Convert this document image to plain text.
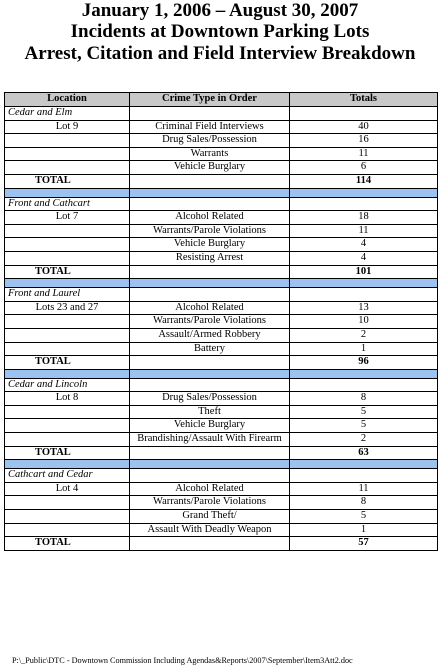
January 1, 2006 – August 30, 2007
Incidents at Downtown Parking Lots
Arrest, Citation and Field Interview Breakdown
Location	Crime Type in Order	Totals
Cedar and Elm		
Lot 9	Criminal Field Interviews	40
	Drug Sales/Possession	16
	Warrants	11
	Vehicle Burglary	6
TOTAL		114

Front and Cathcart		
Lot 7	Alcohol Related	18
	Warrants/Parole Violations	11
	Vehicle Burglary	4
	Resisting Arrest	4
TOTAL		101

Front and Laurel		
Lots 23 and 27	Alcohol Related	13
	Warrants/Parole Violations	10
	Assault/Armed Robbery	2
	Battery	1
TOTAL		96

Cedar and Lincoln		
Lot 8	Drug Sales/Possession	8
	Theft	5
	Vehicle Burglary	5
	Brandishing/Assault With Firearm	2
TOTAL		63

Cathcart and Cedar		
Lot 4	Alcohol Related	11
	Warrants/Parole Violations	8
	Grand Theft/	5
	Assault With Deadly Weapon	1
TOTAL		57
P:\_Public\DTC - Downtown Commission Including Agendas&Reports\2007\September\Item3Att2.doc
